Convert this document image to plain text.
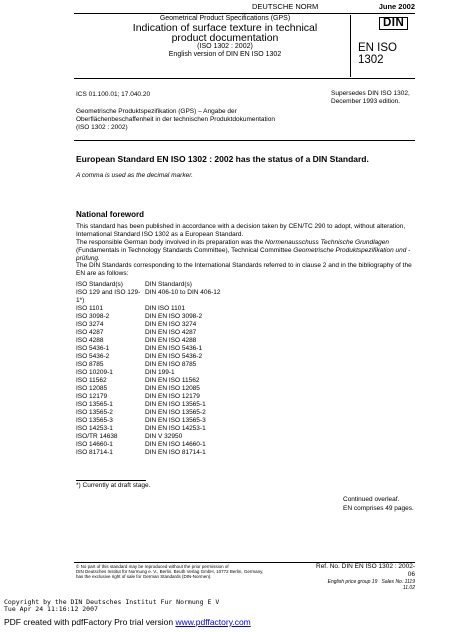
DEUTSCHE NORM	June 2002
Geometrical Product Specifications (GPS)
Indication of surface texture in technical
product documentation
(ISO 1302 : 2002)
English version of DIN EN ISO 1302
DIN
EN ISO 1302
ICS 01.100.01; 17.040.20	Supersedes DIN ISO 1302,
December 1993 edition.
Geometrische Produktspezifikation (GPS) – Angabe der
Oberflächenbeschaffenheit in der technischen Produktdokumentation
(ISO 1302 : 2002)
European Standard EN ISO 1302 : 2002 has the status of a DIN Standard.
A comma is used as the decimal marker.
National foreword
This standard has been published in accordance with a decision taken by CEN/TC 290 to adopt, without alteration, International Standard ISO 1302 as a European Standard.
The responsible German body involved in its preparation was the Normenausschuss Technische Grundlagen (Fundamentals in Technology Standards Committee), Technical Committee Geometrische Produktspezifikation und -prüfung.
The DIN Standards corresponding to the International Standards referred to in clause 2 and in the bibliography of the EN are as follows:
ISO Standard(s)	DIN Standard(s)
ISO 129 and ISO 129-1*)	DIN 406-10 to DIN 406-12
ISO 1101	DIN ISO 1101
ISO 3098-2	DIN EN ISO 3098-2
ISO 3274	DIN EN ISO 3274
ISO 4287	DIN EN ISO 4287
ISO 4288	DIN EN ISO 4288
ISO 5436-1	DIN EN ISO 5436-1
ISO 5436-2	DIN EN ISO 5436-2
ISO 8785	DIN EN ISO 8785
ISO 10209-1	DIN 199-1
ISO 11562	DIN EN ISO 11562
ISO 12085	DIN EN ISO 12085
ISO 12179	DIN EN ISO 12179
ISO 13565-1	DIN EN ISO 13565-1
ISO 13565-2	DIN EN ISO 13565-2
ISO 13565-3	DIN EN ISO 13565-3
ISO 14253-1	DIN EN ISO 14253-1
ISO/TR 14638	DIN V 32950
ISO 14660-1	DIN EN ISO 14660-1
ISO 81714-1	DIN EN ISO 81714-1
*) Currently at draft stage.
Continued overleaf.
EN comprises 49 pages.
© No part of this standard may be reproduced without the prior permission of
DIN Deutsches Institut für Normung e. V., Berlin. Beuth Verlag GmbH, 10772 Berlin, Germany,
has the exclusive right of sale for German Standards (DIN-Normen).
Ref. No. DIN EN ISO 1302 : 2002-06
English price group 19 Sales No. 1119
11.02
Copyright by the DIN Deutsches Institut Fur Normung E V
Tue Apr 24 11:16:12 2007
PDF created with pdfFactory Pro trial version www.pdffactory.com
